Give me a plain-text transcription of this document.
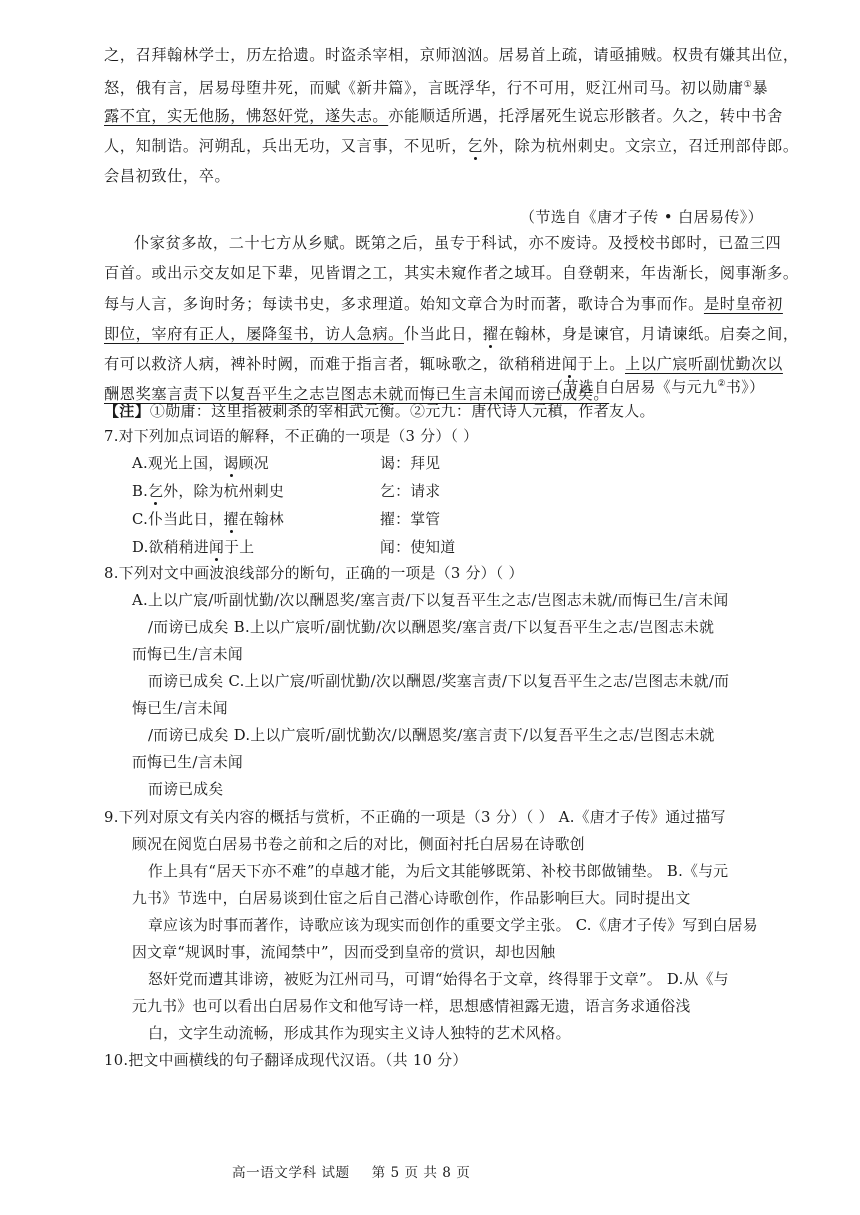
之，召拜翰林学士，历左拾遗。时盗杀宰相，京师汹汹。居易首上疏，请亟捕贼。权贵有嫌其出位，
怒，俄有言，居易母堕井死，而赋《新井篇》，言既浮华，行不可用，贬江州司马。初以勋庸①暴
露不宜，实无他肠，怫怒奸党，遂失志。亦能顺适所遇，托浮屠死生说忘形骸者。久之，转中书舍
人，知制诰。河朔乱，兵出无功，又言事，不见听，乞外，除为杭州刺史。文宗立，召迁刑部侍郎。
会昌初致仕，卒。
（节选自《唐才子传 • 白居易传》）
仆家贫多故，二十七方从乡赋。既第之后，虽专于科试，亦不废诗。及授校书郎时，已盈三四
百首。或出示交友如足下辈，见皆谓之工，其实未窥作者之域耳。自登朝来，年齿渐长，阅事渐多。
每与人言，多询时务；每读书史，多求理道。始知文章合为时而著，歌诗合为事而作。是时皇帝初
即位，宰府有正人，屡降玺书，访人急病。仆当此日，擢在翰林，身是谏官，月请谏纸。启奏之间，
有可以救济人病，裨补时阙，而难于指言者，辄咏歌之，欲稍稍进闻于上。上以广宸听副忧勤次以
酬恩奖塞言责下以复吾平生之志岂图志未就而悔已生言未闻而谤已成矣。
（节选自白居易《与元九②书》）
【注】①勋庸：这里指被刺杀的宰相武元衡。②元九：唐代诗人元稹，作者友人。
7.对下列加点词语的解释，不正确的一项是（3 分）（ ）
A.观光上国，谒顾况	谒：拜见
B.乞外，除为杭州刺史	乞：请求
C.仆当此日，擢在翰林	擢：掌管
D.欲稍稍进闻于上	闻：使知道
8.下列对文中画波浪线部分的断句，正确的一项是（3 分）（ ）
A.上以广宸/听副忧勤/次以酬恩奖/塞言责/下以复吾平生之志/岂图志未就/而悔已生/言未闻
/而谤已成矣 B.上以广宸听/副忧勤/次以酬恩奖/塞言责/下以复吾平生之志/岂图志未就
而悔已生/言未闻
而谤已成矣 C.上以广宸/听副忧勤/次以酬恩/奖塞言责/下以复吾平生之志/岂图志未就/而
悔已生/言未闻
/而谤已成矣 D.上以广宸听/副忧勤次/以酬恩奖/塞言责下/以复吾平生之志/岂图志未就
而悔已生/言未闻
而谤已成矣
9.下列对原文有关内容的概括与赏析，不正确的一项是（3 分）（ ） A.《唐才子传》通过描写
顾况在阅览白居易书卷之前和之后的对比，侧面衬托白居易在诗歌创
作上具有“居天下亦不难”的卓越才能，为后文其能够既第、补校书郎做铺垫。 B.《与元
九书》节选中，白居易谈到仕宦之后自己潜心诗歌创作，作品影响巨大。同时提出文
章应该为时事而著作，诗歌应该为现实而创作的重要文学主张。 C.《唐才子传》写到白居易
因文章“规讽时事，流闻禁中”，因而受到皇帝的赏识，却也因触
怒奸党而遭其诽谤，被贬为江州司马，可谓“始得名于文章，终得罪于文章”。 D.从《与
元九书》也可以看出白居易作文和他写诗一样，思想感情袒露无遗，语言务求通俗浅
白，文字生动流畅，形成其作为现实主义诗人独特的艺术风格。
10.把文中画横线的句子翻译成现代汉语。（共 10 分）
高一语文学科 试题 第 5 页 共 8 页
